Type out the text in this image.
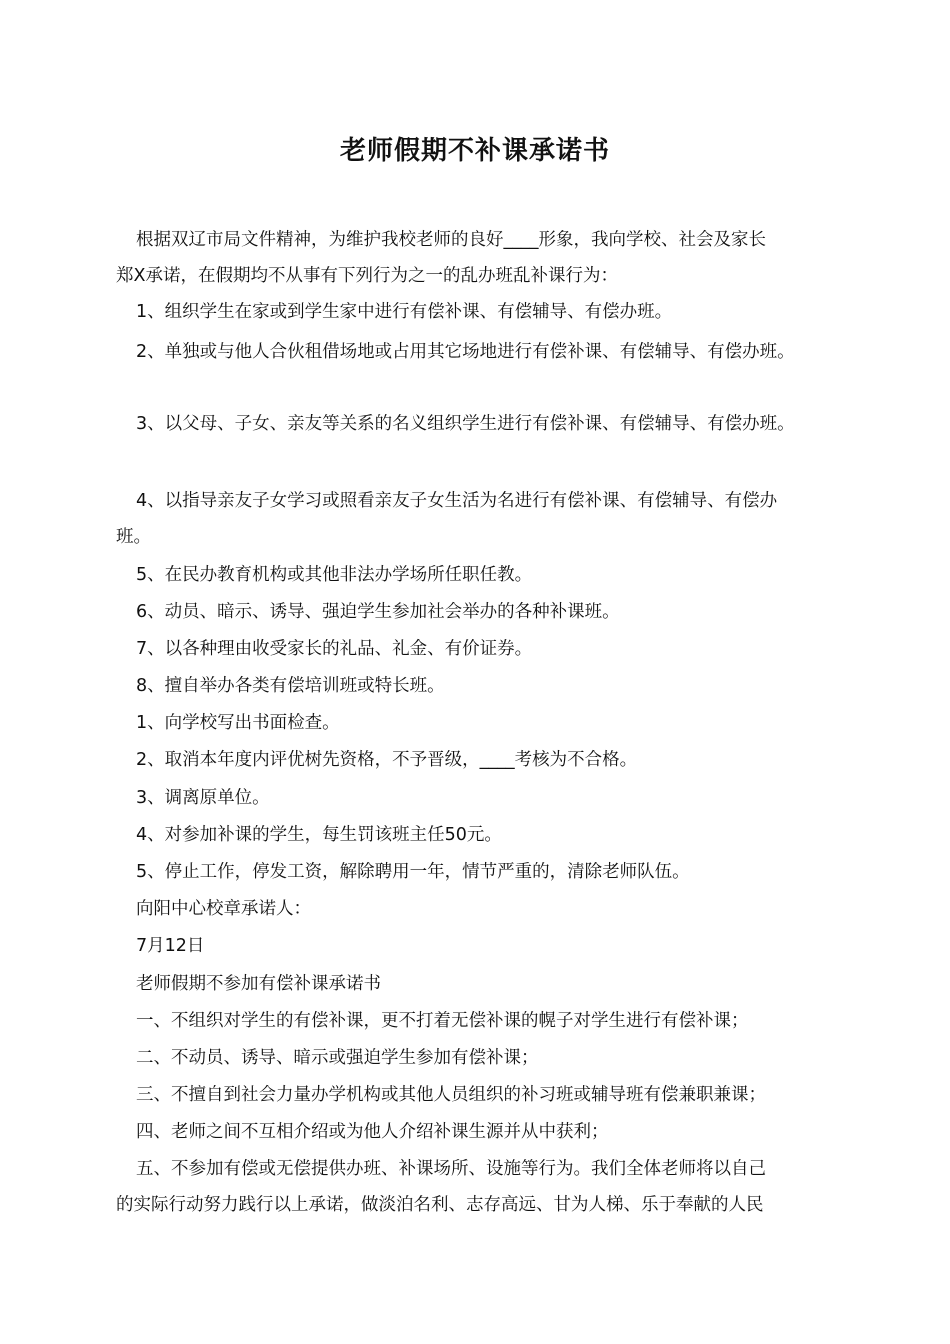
老师假期不补课承诺书

根据双辽市局文件精神，为维护我校老师的良好____形象，我向学校、社会及家长

郑X承诺，在假期均不从事有下列行为之一的乱办班乱补课行为：

1、组织学生在家或到学生家中进行有偿补课、有偿辅导、有偿办班。

2、单独或与他人合伙租借场地或占用其它场地进行有偿补课、有偿辅导、有偿办班。

3、以父母、子女、亲友等关系的名义组织学生进行有偿补课、有偿辅导、有偿办班。

4、以指导亲友子女学习或照看亲友子女生活为名进行有偿补课、有偿辅导、有偿办

班。

5、在民办教育机构或其他非法办学场所任职任教。

6、动员、暗示、诱导、强迫学生参加社会举办的各种补课班。

7、以各种理由收受家长的礼品、礼金、有价证券。

8、擅自举办各类有偿培训班或特长班。

1、向学校写出书面检查。

2、取消本年度内评优树先资格，不予晋级，____考核为不合格。

3、调离原单位。

4、对参加补课的学生，每生罚该班主任50元。

5、停止工作，停发工资，解除聘用一年，情节严重的，清除老师队伍。

向阳中心校章承诺人：

7月12日

老师假期不参加有偿补课承诺书

一、不组织对学生的有偿补课，更不打着无偿补课的幌子对学生进行有偿补课；

二、不动员、诱导、暗示或强迫学生参加有偿补课；

三、不擅自到社会力量办学机构或其他人员组织的补习班或辅导班有偿兼职兼课；

四、老师之间不互相介绍或为他人介绍补课生源并从中获利；

五、不参加有偿或无偿提供办班、补课场所、设施等行为。我们全体老师将以自己

的实际行动努力践行以上承诺，做淡泊名利、志存高远、甘为人梯、乐于奉献的人民
